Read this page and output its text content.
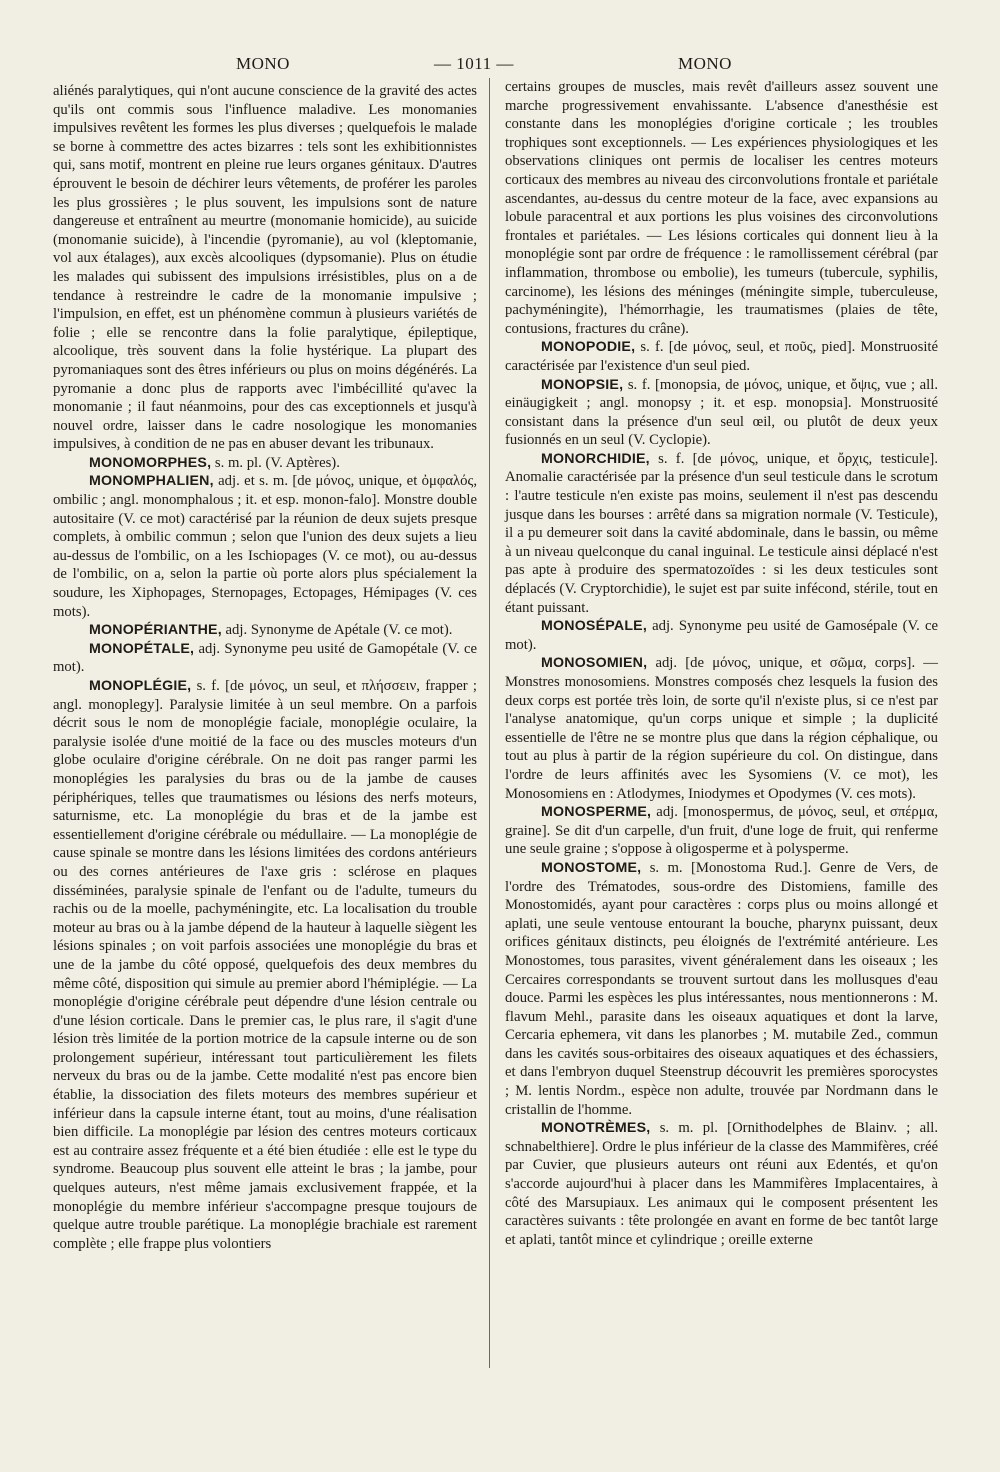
MONO	— 1011 —	MONO

aliénés paralytiques, qui n'ont aucune conscience de la gravité des actes qu'ils ont commis sous l'influence maladive. Les monomanies impulsives revêtent les formes les plus diverses ; quelquefois le malade se borne à commettre des actes bizarres : tels sont les exhibitionnistes qui, sans motif, montrent en pleine rue leurs organes génitaux. D'autres éprouvent le besoin de déchirer leurs vêtements, de proférer les paroles les plus grossières ; le plus souvent, les impulsions sont de nature dangereuse et entraînent au meurtre (monomanie homicide), au suicide (monomanie suicide), à l'incendie (pyromanie), au vol (kleptomanie, vol aux étalages), aux excès alcooliques (dypsomanie). Plus on étudie les malades qui subissent des impulsions irrésistibles, plus on a de tendance à restreindre le cadre de la monomanie impulsive ; l'impulsion, en effet, est un phénomène commun à plusieurs variétés de folie ; elle se rencontre dans la folie paralytique, épileptique, alcoolique, très souvent dans la folie hystérique. La plupart des pyromaniaques sont des êtres inférieurs ou plus on moins dégénérés. La pyromanie a donc plus de rapports avec l'imbécillité qu'avec la monomanie ; il faut néanmoins, pour des cas exceptionnels et jusqu'à nouvel ordre, laisser dans le cadre nosologique les monomanies impulsives, à condition de ne pas en abuser devant les tribunaux.

MONOMORPHES, s. m. pl. (V. Aptères).

MONOMPHALIEN, adj. et s. m. [de μόνος, unique, et ὀμφαλός, ombilic ; angl. monomphalous ; it. et esp. monon-falo]. Monstre double autositaire (V. ce mot) caractérisé par la réunion de deux sujets presque complets, à ombilic commun ; selon que l'union des deux sujets a lieu au-dessus de l'ombilic, on a les Ischiopages (V. ce mot), ou au-dessus de l'ombilic, on a, selon la partie où porte alors plus spécialement la soudure, les Xiphopages, Sternopages, Ectopages, Hémipages (V. ces mots).

MONOPÉRIANTHE, adj. Synonyme de Apétale (V. ce mot).

MONOPÉTALE, adj. Synonyme peu usité de Gamopétale (V. ce mot).

MONOPLÉGIE, s. f. [de μόνος, un seul, et πλήσσειν, frapper ; angl. monoplegy]. Paralysie limitée à un seul membre. On a parfois décrit sous le nom de monoplégie faciale, monoplégie oculaire, la paralysie isolée d'une moitié de la face ou des muscles moteurs d'un globe oculaire d'origine cérébrale. On ne doit pas ranger parmi les monoplégies les paralysies du bras ou de la jambe de causes périphériques, telles que traumatismes ou lésions des nerfs moteurs, saturnisme, etc. La monoplégie du bras et de la jambe est essentiellement d'origine cérébrale ou médullaire. — La monoplégie de cause spinale se montre dans les lésions limitées des cordons antérieurs ou des cornes antérieures de l'axe gris : sclérose en plaques disséminées, paralysie spinale de l'enfant ou de l'adulte, tumeurs du rachis ou de la moelle, pachyméningite, etc. La localisation du trouble moteur au bras ou à la jambe dépend de la hauteur à laquelle siègent les lésions spinales ; on voit parfois associées une monoplégie du bras et une de la jambe du côté opposé, quelquefois des deux membres du même côté, disposition qui simule au premier abord l'hémiplégie. — La monoplégie d'origine cérébrale peut dépendre d'une lésion centrale ou d'une lésion corticale. Dans le premier cas, le plus rare, il s'agit d'une lésion très limitée de la portion motrice de la capsule interne ou de son prolongement supérieur, intéressant tout particulièrement les filets nerveux du bras ou de la jambe. Cette modalité n'est pas encore bien établie, la dissociation des filets moteurs des membres supérieur et inférieur dans la capsule interne étant, tout au moins, d'une réalisation bien difficile. La monoplégie par lésion des centres moteurs corticaux est au contraire assez fréquente et a été bien étudiée : elle est le type du syndrome. Beaucoup plus souvent elle atteint le bras ; la jambe, pour quelques auteurs, n'est même jamais exclusivement frappée, et la monoplégie du membre inférieur s'accompagne presque toujours de quelque autre trouble parétique. La monoplégie brachiale est rarement complète ; elle frappe plus volontiers

certains groupes de muscles, mais revêt d'ailleurs assez souvent une marche progressivement envahissante. L'absence d'anesthésie est constante dans les monoplégies d'origine corticale ; les troubles trophiques sont exceptionnels. — Les expériences physiologiques et les observations cliniques ont permis de localiser les centres moteurs corticaux des membres au niveau des circonvolutions frontale et pariétale ascendantes, au-dessus du centre moteur de la face, avec expansions au lobule paracentral et aux portions les plus voisines des circonvolutions frontales et pariétales. — Les lésions corticales qui donnent lieu à la monoplégie sont par ordre de fréquence : le ramollissement cérébral (par inflammation, thrombose ou embolie), les tumeurs (tubercule, syphilis, carcinome), les lésions des méninges (méningite simple, tuberculeuse, pachyméningite), l'hémorrhagie, les traumatismes (plaies de tête, contusions, fractures du crâne).

MONOPODIE, s. f. [de μόνος, seul, et ποῦς, pied]. Monstruosité caractérisée par l'existence d'un seul pied.

MONOPSIE, s. f. [monopsia, de μόνος, unique, et ὄψις, vue ; all. einäugigkeit ; angl. monopsy ; it. et esp. monopsia]. Monstruosité consistant dans la présence d'un seul œil, ou plutôt de deux yeux fusionnés en un seul (V. Cyclopie).

MONORCHIDIE, s. f. [de μόνος, unique, et ὄρχις, testicule]. Anomalie caractérisée par la présence d'un seul testicule dans le scrotum : l'autre testicule n'en existe pas moins, seulement il n'est pas descendu jusque dans les bourses : arrêté dans sa migration normale (V. Testicule), il a pu demeurer soit dans la cavité abdominale, dans le bassin, ou même à un niveau quelconque du canal inguinal. Le testicule ainsi déplacé n'est pas apte à produire des spermatozoïdes : si les deux testicules sont déplacés (V. Cryptorchidie), le sujet est par suite infécond, stérile, tout en étant puissant.

MONOSÉPALE, adj. Synonyme peu usité de Gamosépale (V. ce mot).

MONOSOMIEN, adj. [de μόνος, unique, et σῶμα, corps]. —Monstres monosomiens. Monstres composés chez lesquels la fusion des deux corps est portée très loin, de sorte qu'il n'existe plus, si ce n'est par l'analyse anatomique, qu'un corps unique et simple ; la duplicité essentielle de l'être ne se montre plus que dans la région céphalique, ou tout au plus à partir de la région supérieure du col. On distingue, dans l'ordre de leurs affinités avec les Sysomiens (V. ce mot), les Monosomiens en : Atlodymes, Iniodymes et Opodymes (V. ces mots).

MONOSPERME, adj. [monospermus, de μόνος, seul, et σπέρμα, graine]. Se dit d'un carpelle, d'un fruit, d'une loge de fruit, qui renferme une seule graine ; s'oppose à oligosperme et à polysperme.

MONOSTOME, s. m. [Monostoma Rud.]. Genre de Vers, de l'ordre des Trématodes, sous-ordre des Distomiens, famille des Monostomidés, ayant pour caractères : corps plus ou moins allongé et aplati, une seule ventouse entourant la bouche, pharynx puissant, deux orifices génitaux distincts, peu éloignés de l'extrémité antérieure. Les Monostomes, tous parasites, vivent généralement dans les oiseaux ; les Cercaires correspondants se trouvent surtout dans les mollusques d'eau douce. Parmi les espèces les plus intéressantes, nous mentionnerons : M. flavum Mehl., parasite dans les oiseaux aquatiques et dont la larve, Cercaria ephemera, vit dans les planorbes ; M. mutabile Zed., commun dans les cavités sous-orbitaires des oiseaux aquatiques et des échassiers, et dans l'embryon duquel Steenstrup découvrit les premières sporocystes ; M. lentis Nordm., espèce non adulte, trouvée par Nordmann dans le cristallin de l'homme.

MONOTRÈMES, s. m. pl. [Ornithodelphes de Blainv. ; all. schnabelthiere]. Ordre le plus inférieur de la classe des Mammifères, créé par Cuvier, que plusieurs auteurs ont réuni aux Edentés, et qu'on s'accorde aujourd'hui à placer dans les Mammifères Implacentaires, à côté des Marsupiaux. Les animaux qui le composent présentent les caractères suivants : tête prolongée en avant en forme de bec tantôt large et aplati, tantôt mince et cylindrique ; oreille externe
